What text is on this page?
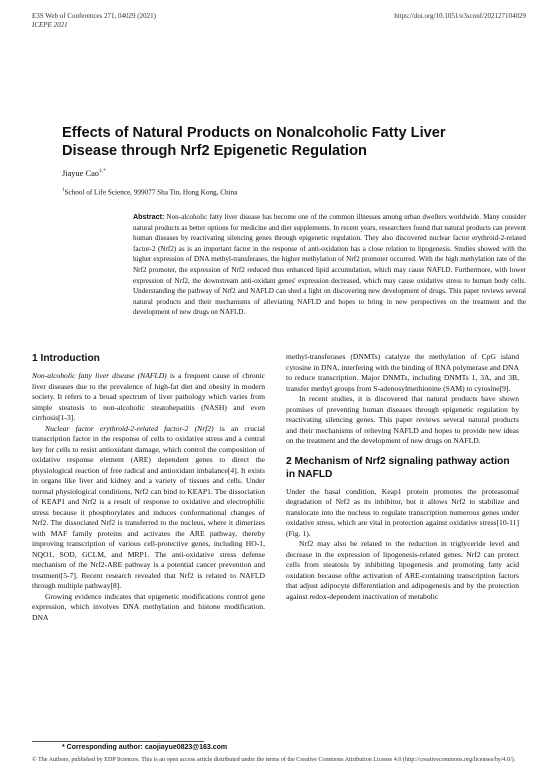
E3S Web of Conferences 271, 04029 (2021)	https://doi.org/10.1051/e3sconf/202127104029
ICEPE 2021
Effects of Natural Products on Nonalcoholic Fatty Liver Disease through Nrf2 Epigenetic Regulation
Jiayue Cao$^{1,*}$
$^1$School of Life Science, 999077 Sha Tin, Hong Kong, China
Abstract: Non-alcoholic fatty liver disease has become one of the common illnesses among urban dwellers worldwide. Many consider natural products as better options for medicine and diet supplements. In recent years, researchers found that natural products can prevent human diseases by reactivating silencing genes through epigenetic regulation. They also discovered nuclear factor erythroid-2-related factor-2 (Nrf2) as is an important factor in the response of anti-oxidation has a close relation to lipogenesis. Studies showed with the higher expression of DNA methyl-transferases, the higher methylation of Nrf2 promoter occurred. With the high methylation rate of the Nrf2 promoter, the expression of Nrf2 reduced thus enhanced lipid accumulation, which may cause NAFLD. Furthermore, with lower expression of Nrf2, the downstream anti-oxidant genes' expression decreased, which may cause oxidative stress to human body cells. Understanding the pathway of Nrf2 and NAFLD can shed a light on discovering new development of drugs. This paper reviews several natural products and their mechanisms of alleviating NAFLD and hopes to bring in new perspectives on the treatment and the development of new drugs on NAFLD.
1 Introduction

Non-alcoholic fatty liver disease (NAFLD) is a frequent cause of chronic liver diseases due to the prevalence of high-fat diet and obesity in modern society. It refers to a broad spectrum of liver pathology which varies from simple steatosis to non-alcoholic steatohepatitis (NASH) and even cirrhosis[1-3].

Nuclear factor erythroid-2-related factor-2 (Nrf2) is an crucial transcription factor in the response of cells to oxidative stress and a central key for cells to resist antioxidant damage, which control the composition of oxidative response element (ARE) dependent genes to direct the physiological reaction of free radical and antioxidant imbalance[4]. It exists in organs like liver and kidney and a variety of tissues and cells. Under normal physiological conditions, Nrf2 can bind to KEAP1. The dissociation of KEAP1 and Nrf2 is a result of response to oxidative and electrophilic stress because it phosphorylates and induces conformational changes of Nrf2. The dissociated Nrf2 is transferred to the nucleus, where it dimerizes with MAF family proteins and activates the ARE pathway, thereby improving transcription of various cell-protective genes, including HO-1, NQO1, SOD, GCLM, and MRP1. The anti-oxidative stress defense mechanism of the Nrf2-ARE pathway is a potential cancer prevention and treatment[5-7]. Recent research revealed that Nrf2 is related to NAFLD through multiple pathway[8].

Growing evidence indicates that epigenetic modifications control gene expression, which involves DNA methylation and histone modification. DNA

methyl-transferases (DNMTs) catalyze the methylation of CpG island cytosine in DNA, interfering with the binding of RNA polymerase and DNA to reduce transcription. Major DNMTs, including DNMTs 1, 3A, and 3B, transfer methyl groups from S-adenosylmethionine (SAM) to cytosine[9].

In recent studies, it is discovered that natural products have shown promises of preventing human diseases through epigenetic regulation by reactivating silencing genes. This paper reviews several natural products and their mechanisms of relieving NAFLD and hopes to provide new ideas on the treatment and the development of new drugs on NAFLD.

2 Mechanism of Nrf2 signaling pathway action in NAFLD

Under the basal condition, Keap1 protein promotes the proteasomal degradation of Nrf2 as its inhibitor, but it allows Nrf2 to stabilize and translocate into the nucleus to regulate transcription numerous genes under oxidative stress, which are vital in protection against oxidative stress[10-11](Fig. 1).

Nrf2 may also be related to the reduction in triglyceride level and decrease in the expression of lipogenesis-related genes. Nrf2 can protect cells from steatosis by inhibiting lipogenesis and promoting fatty acid oxidation because ofthe activation of ARE-containing transcription factors that adjust adipocyte differentiation and adipogenesis and by the protection against redox-dependent inactivation of metabolic

* Corresponding author: caojiayue0823@163.com
© The Authors, published by EDP Sciences. This is an open access article distributed under the terms of the Creative Commons Attribution License 4.0 (http://creativecommons.org/licenses/by/4.0/).
